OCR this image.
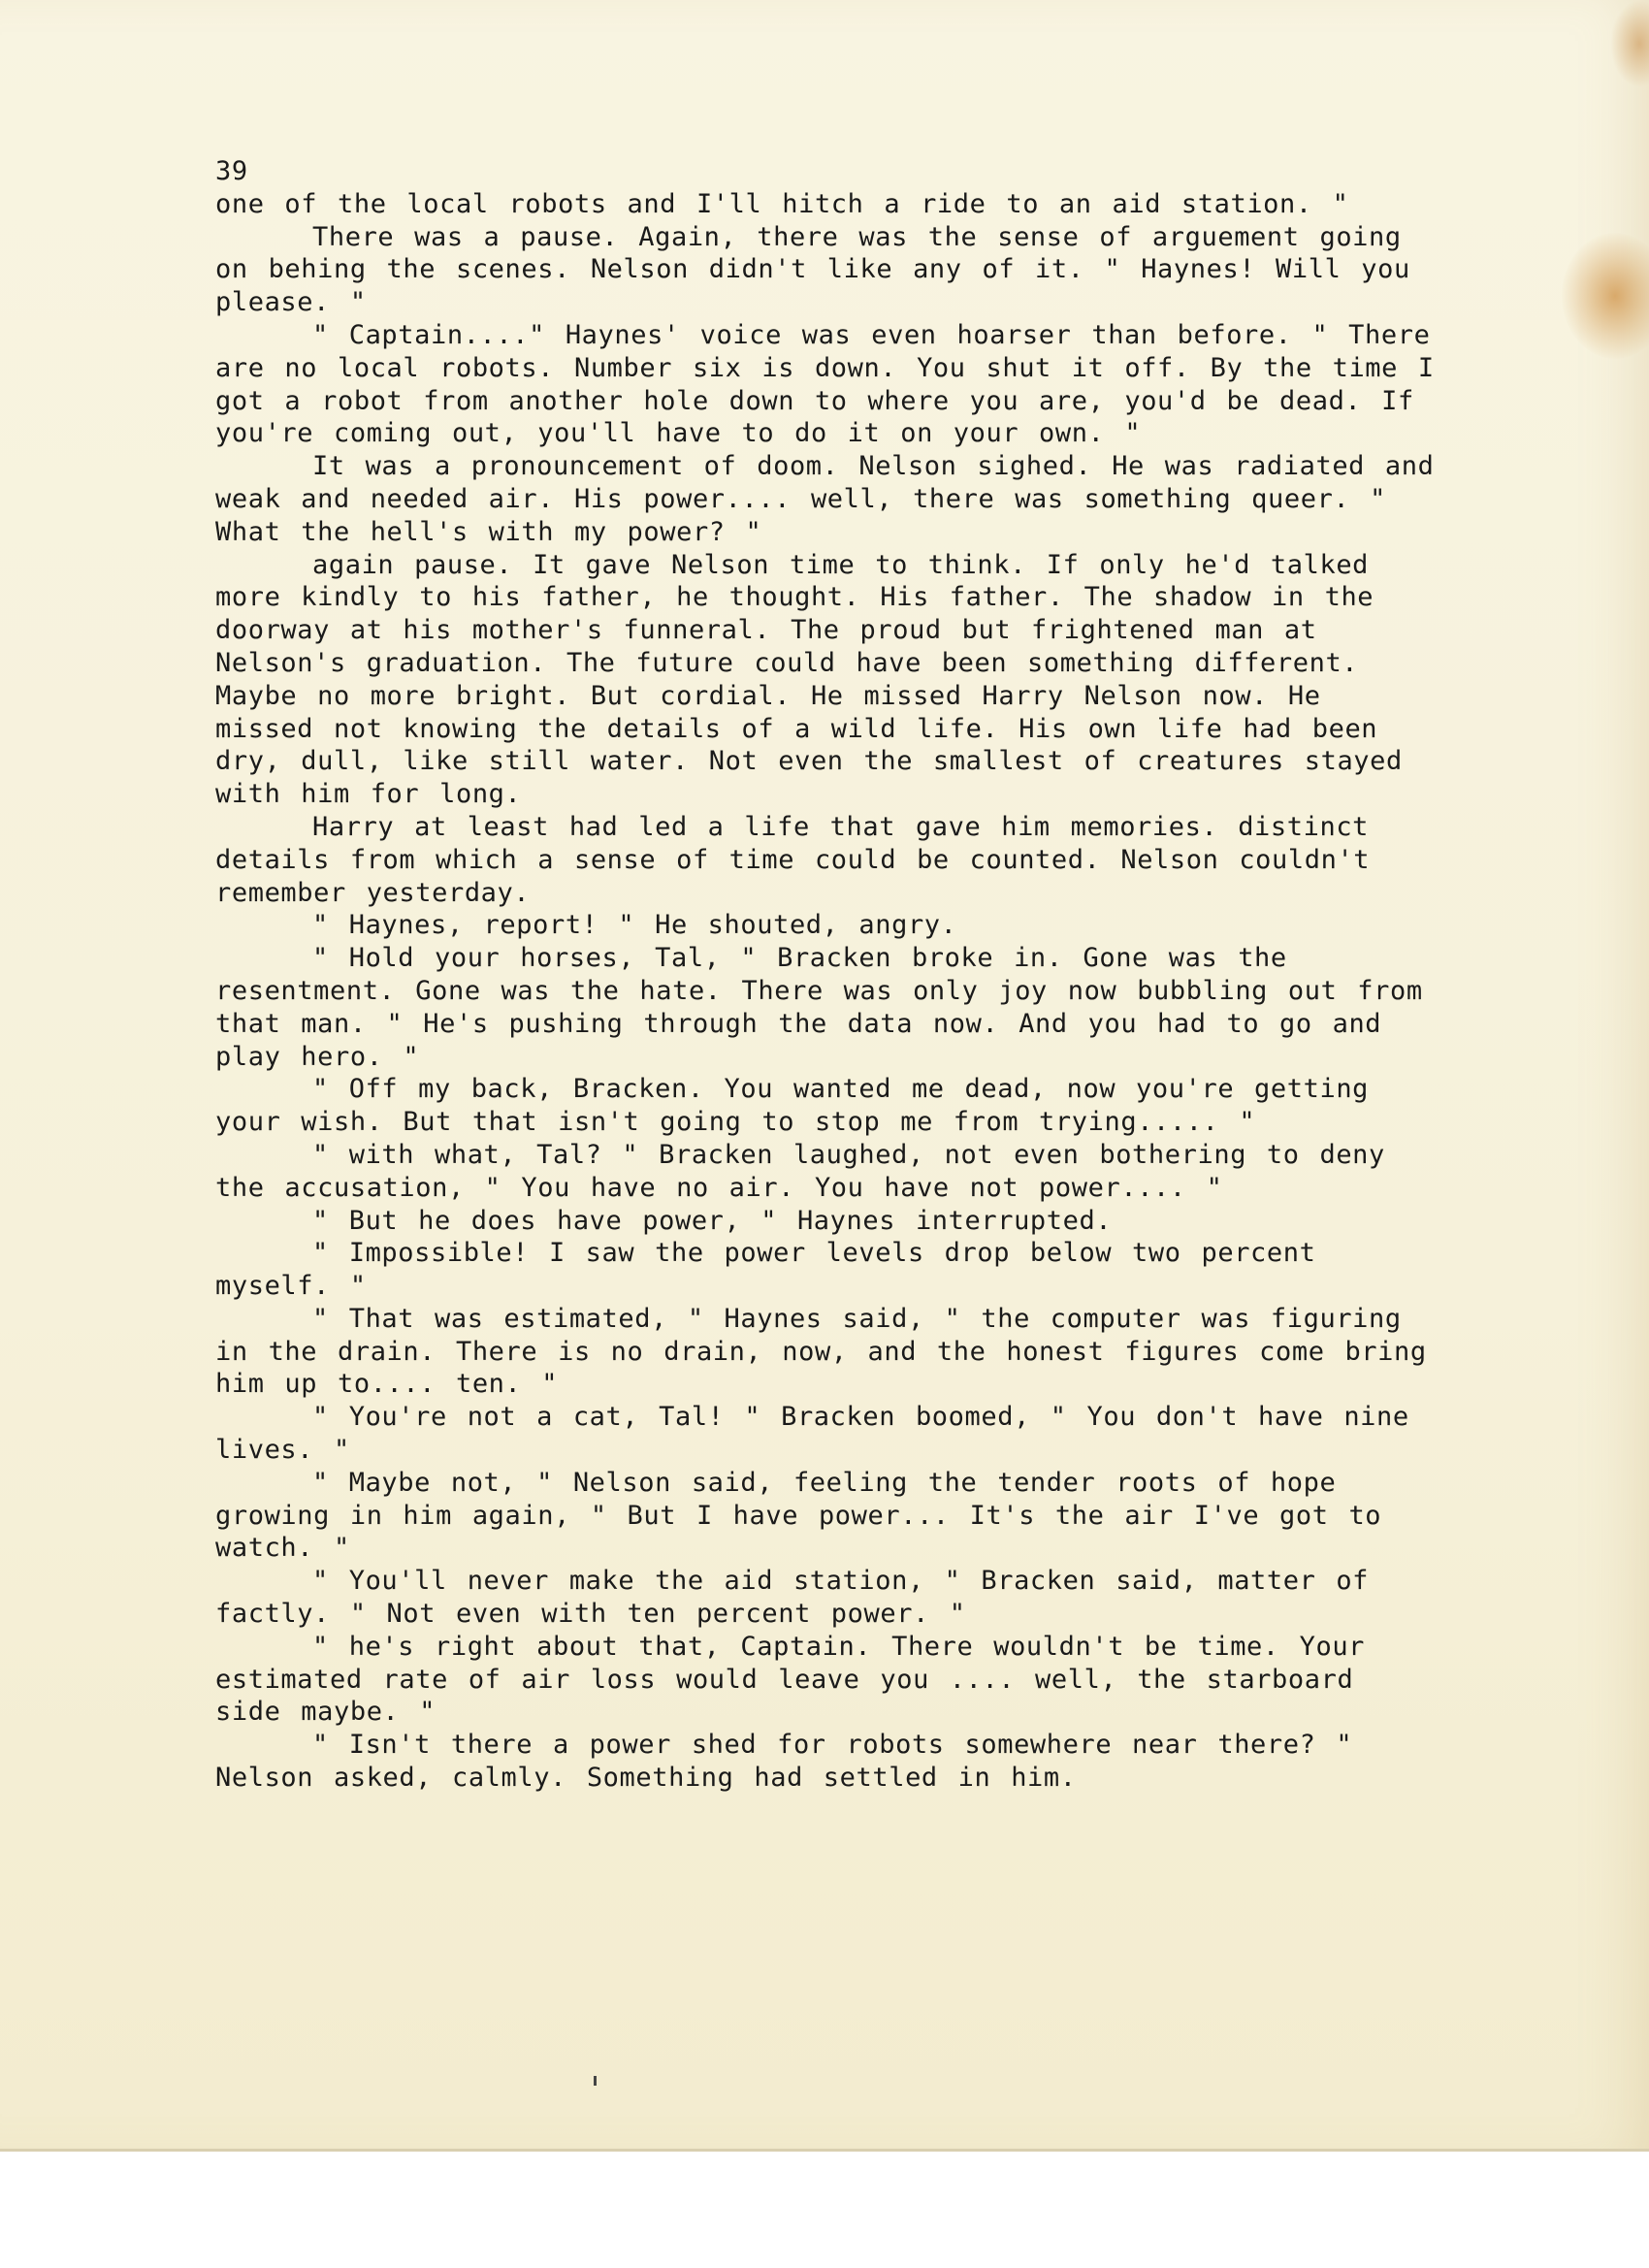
39

one of the local robots and I'll hitch a ride to an aid station. "

There was a pause. Again, there was the sense of arguement going on behing the scenes. Nelson didn't like any of it. " Haynes! Will you please. "

" Captain...." Haynes' voice was even hoarser than before. " There are no local robots. Number six is down. You shut it off. By the time I got a robot from another hole down to where you are, you'd be dead. If you're coming out, you'll have to do it on your own. "

It was a pronouncement of doom. Nelson sighed. He was radiated and weak and needed air. His power.... well, there was something queer. " What the hell's with my power? "

again pause. It gave Nelson time to think. If only he'd talked more kindly to his father, he thought. His father. The shadow in the doorway at his mother's funneral. The proud but frightened man at Nelson's graduation. The future could have been something different. Maybe no more bright. But cordial. He missed Harry Nelson now. He missed not knowing the details of a wild life. His own life had been dry, dull, like still water. Not even the smallest of creatures stayed with him for long.

Harry at least had led a life that gave him memories. distinct details from which a sense of time could be counted. Nelson couldn't remember yesterday.

" Haynes, report! " He shouted, angry.

" Hold your horses, Tal, " Bracken broke in. Gone was the resentment. Gone was the hate. There was only joy now bubbling out from that man. " He's pushing through the data now. And you had to go and play hero. "

" Off my back, Bracken. You wanted me dead, now you're getting your wish. But that isn't going to stop me from trying..... "

" with what, Tal? " Bracken laughed, not even bothering to deny the accusation, " You have no air. You have not power.... "

" But he does have power, " Haynes interrupted.

" Impossible! I saw the power levels drop below two percent myself. "

" That was estimated, " Haynes said, " the computer was figuring in the drain. There is no drain, now, and the honest figures come bring him up to.... ten. "

" You're not a cat, Tal! " Bracken boomed, " You don't have nine lives. "

" Maybe not, " Nelson said, feeling the tender roots of hope growing in him again, " But I have power... It's the air I've got to watch. "

" You'll never make the aid station, " Bracken said, matter of factly. " Not even with ten percent power. "

" he's right about that, Captain. There wouldn't be time. Your estimated rate of air loss would leave you .... well, the starboard side maybe. "

" Isn't there a power shed for robots somewhere near there? " Nelson asked, calmly. Something had settled in him.
